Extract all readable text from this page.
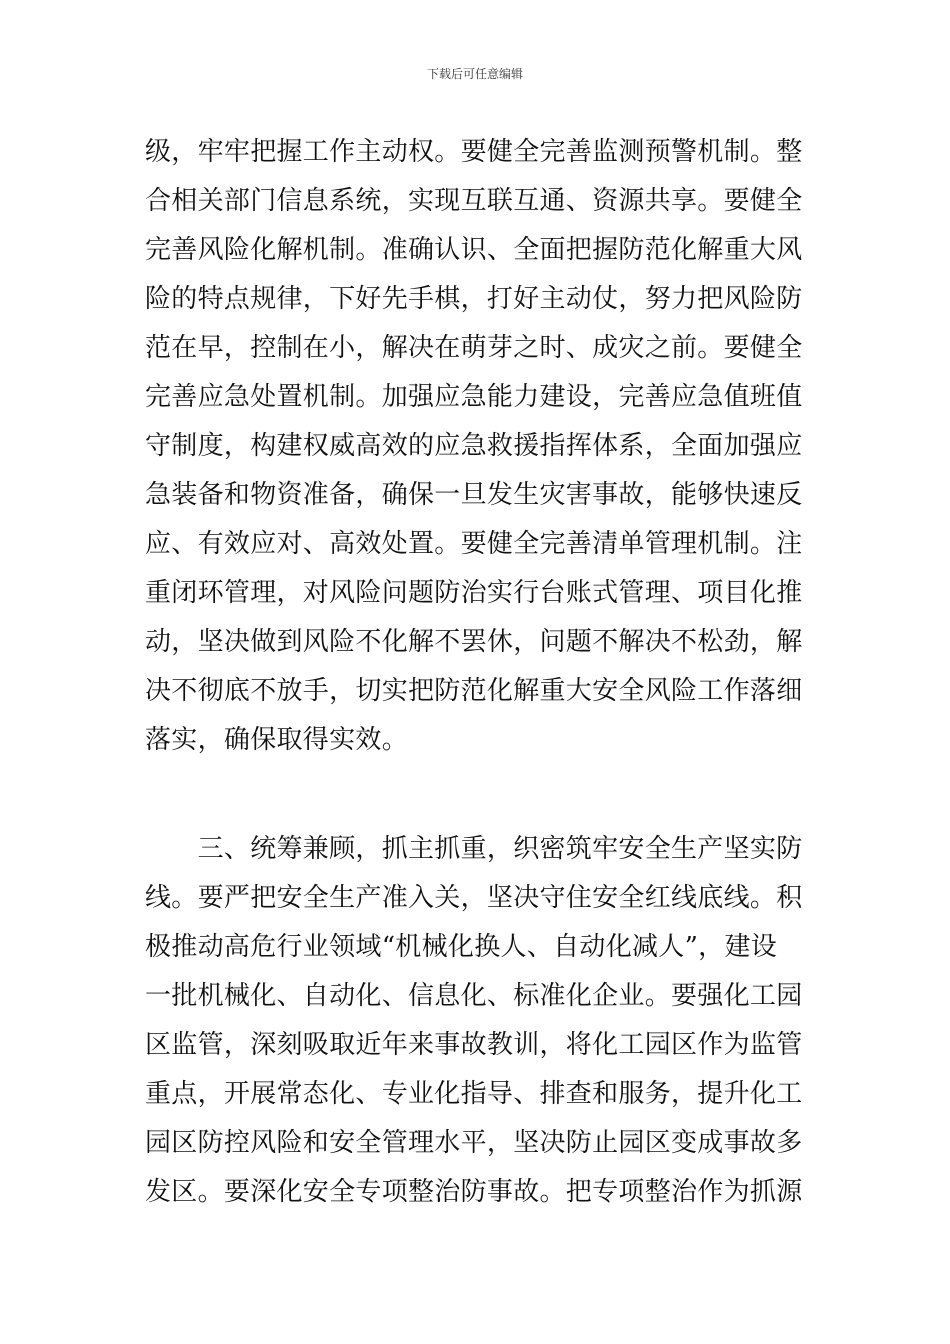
下载后可任意编辑
级，牢牢把握工作主动权。要健全完善监测预警机制。整
合相关部门信息系统，实现互联互通、资源共享。要健全
完善风险化解机制。准确认识、全面把握防范化解重大风
险的特点规律，下好先手棋，打好主动仗，努力把风险防
范在早，控制在小，解决在萌芽之时、成灾之前。要健全
完善应急处置机制。加强应急能力建设，完善应急值班值
守制度，构建权威高效的应急救援指挥体系，全面加强应
急装备和物资准备，确保一旦发生灾害事故，能够快速反
应、有效应对、高效处置。要健全完善清单管理机制。注
重闭环管理，对风险问题防治实行台账式管理、项目化推
动，坚决做到风险不化解不罢休，问题不解决不松劲，解
决不彻底不放手，切实把防范化解重大安全风险工作落细
落实，确保取得实效。
　　三、统筹兼顾，抓主抓重，织密筑牢安全生产坚实防
线。要严把安全生产准入关，坚决守住安全红线底线。积
极推动高危行业领域“机械化换人、自动化减人”，建设
一批机械化、自动化、信息化、标准化企业。要强化工园
区监管，深刻吸取近年来事故教训，将化工园区作为监管
重点，开展常态化、专业化指导、排查和服务，提升化工
园区防控风险和安全管理水平，坚决防止园区变成事故多
发区。要深化安全专项整治防事故。把专项整治作为抓源
